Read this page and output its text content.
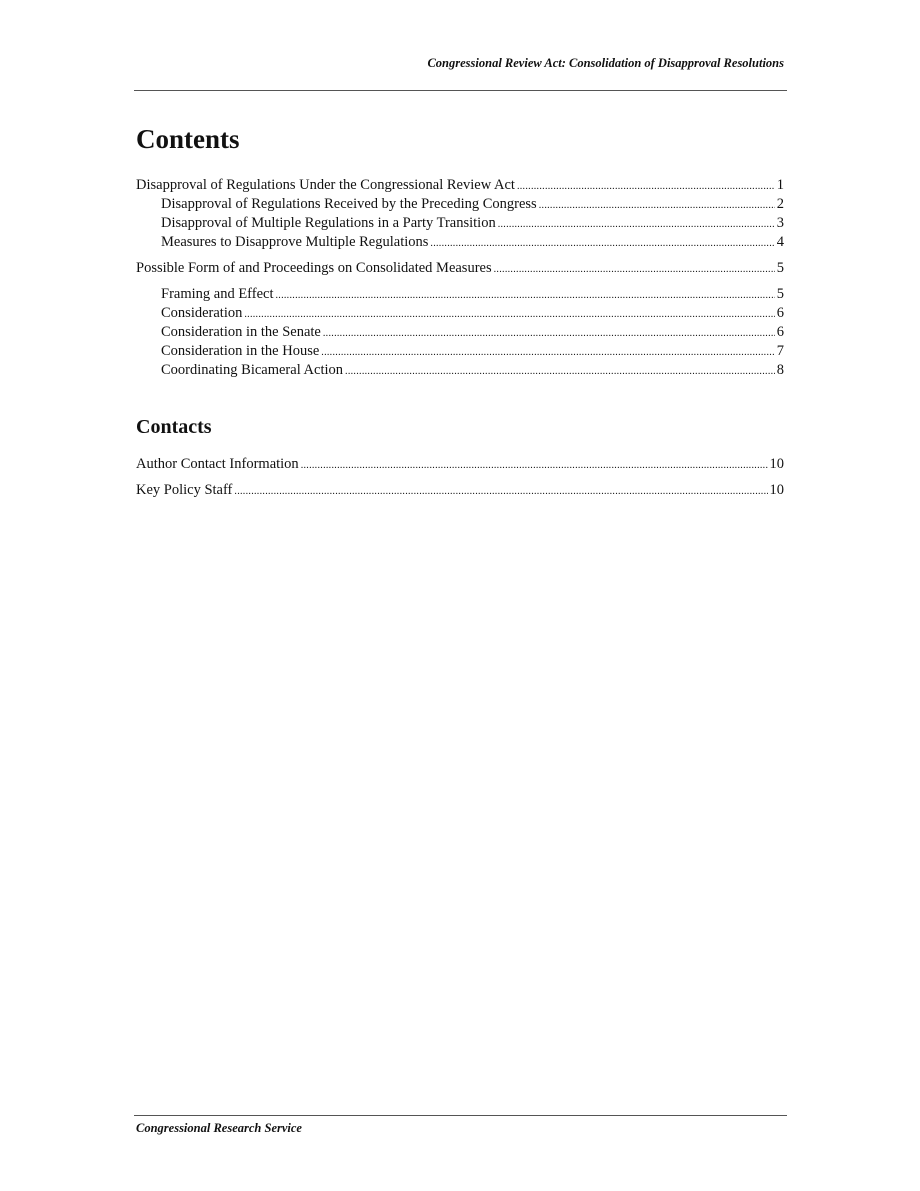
Congressional Review Act: Consolidation of Disapproval Resolutions
Contents
Disapproval of Regulations Under the Congressional Review Act .....	1
Disapproval of Regulations Received by the Preceding Congress .....	2
Disapproval of Multiple Regulations in a Party Transition .....	3
Measures to Disapprove Multiple Regulations .....	4
Possible Form of and Proceedings on Consolidated Measures .....	5
Framing and Effect .....	5
Consideration .....	6
Consideration in the Senate .....	6
Consideration in the House .....	7
Coordinating Bicameral Action .....	8
Contacts
Author Contact Information .....	10
Key Policy Staff .....	10
Congressional Research Service
